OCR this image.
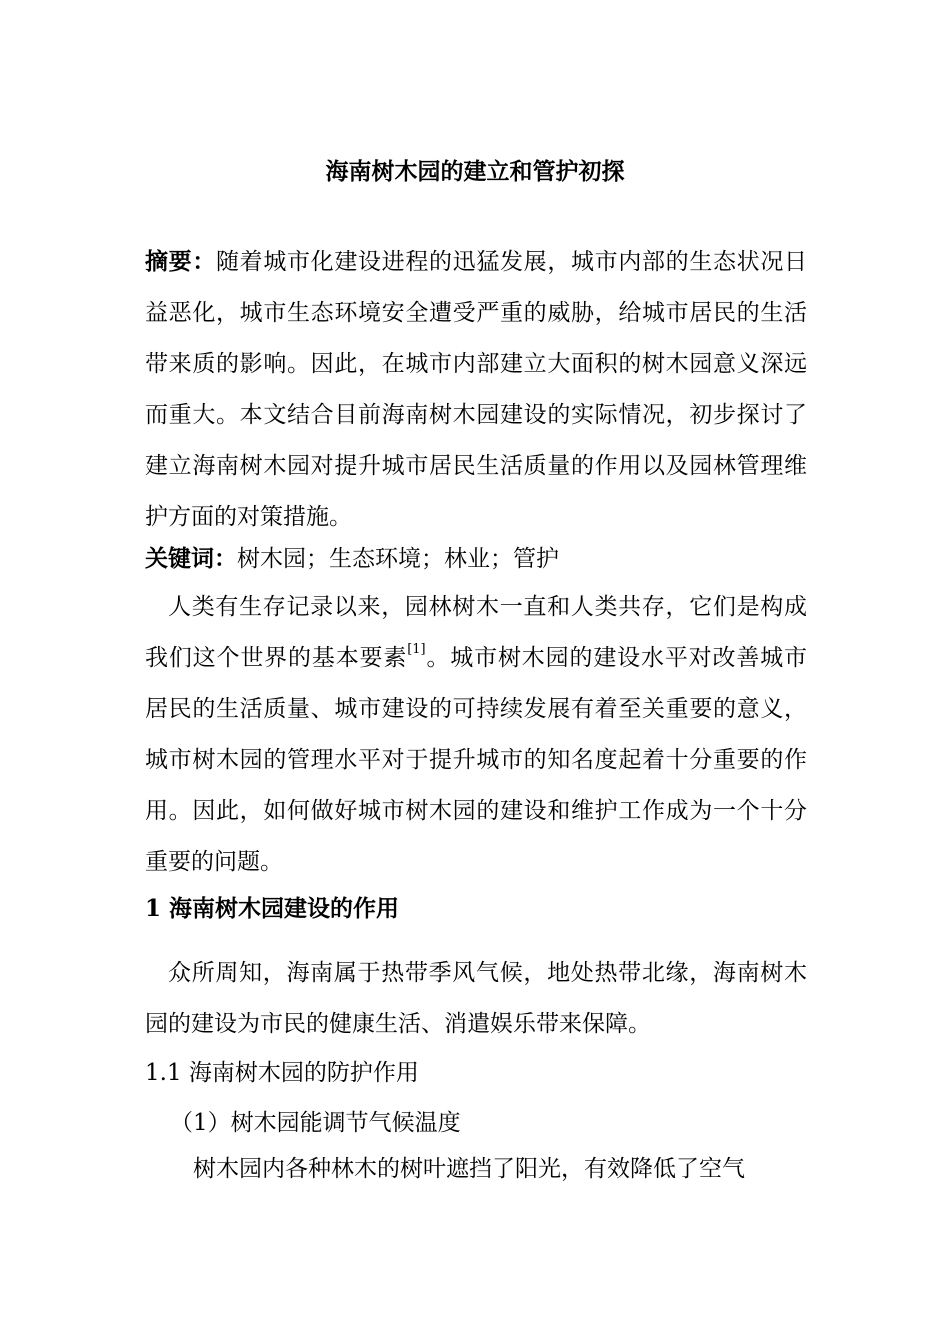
海南树木园的建立和管护初探
摘要：随着城市化建设进程的迅猛发展，城市内部的生态状况日益恶化，城市生态环境安全遭受严重的威胁，给城市居民的生活带来质的影响。因此，在城市内部建立大面积的树木园意义深远而重大。本文结合目前海南树木园建设的实际情况，初步探讨了建立海南树木园对提升城市居民生活质量的作用以及园林管理维护方面的对策措施。
关键词：树木园；生态环境；林业；管护
人类有生存记录以来，园林树木一直和人类共存，它们是构成我们这个世界的基本要素[1]。城市树木园的建设水平对改善城市居民的生活质量、城市建设的可持续发展有着至关重要的意义，城市树木园的管理水平对于提升城市的知名度起着十分重要的作用。因此，如何做好城市树木园的建设和维护工作成为一个十分重要的问题。
1 海南树木园建设的作用
众所周知，海南属于热带季风气候，地处热带北缘，海南树木园的建设为市民的健康生活、消遣娱乐带来保障。
1.1 海南树木园的防护作用
（1）树木园能调节气候温度
树木园内各种林木的树叶遮挡了阳光，有效降低了空气
